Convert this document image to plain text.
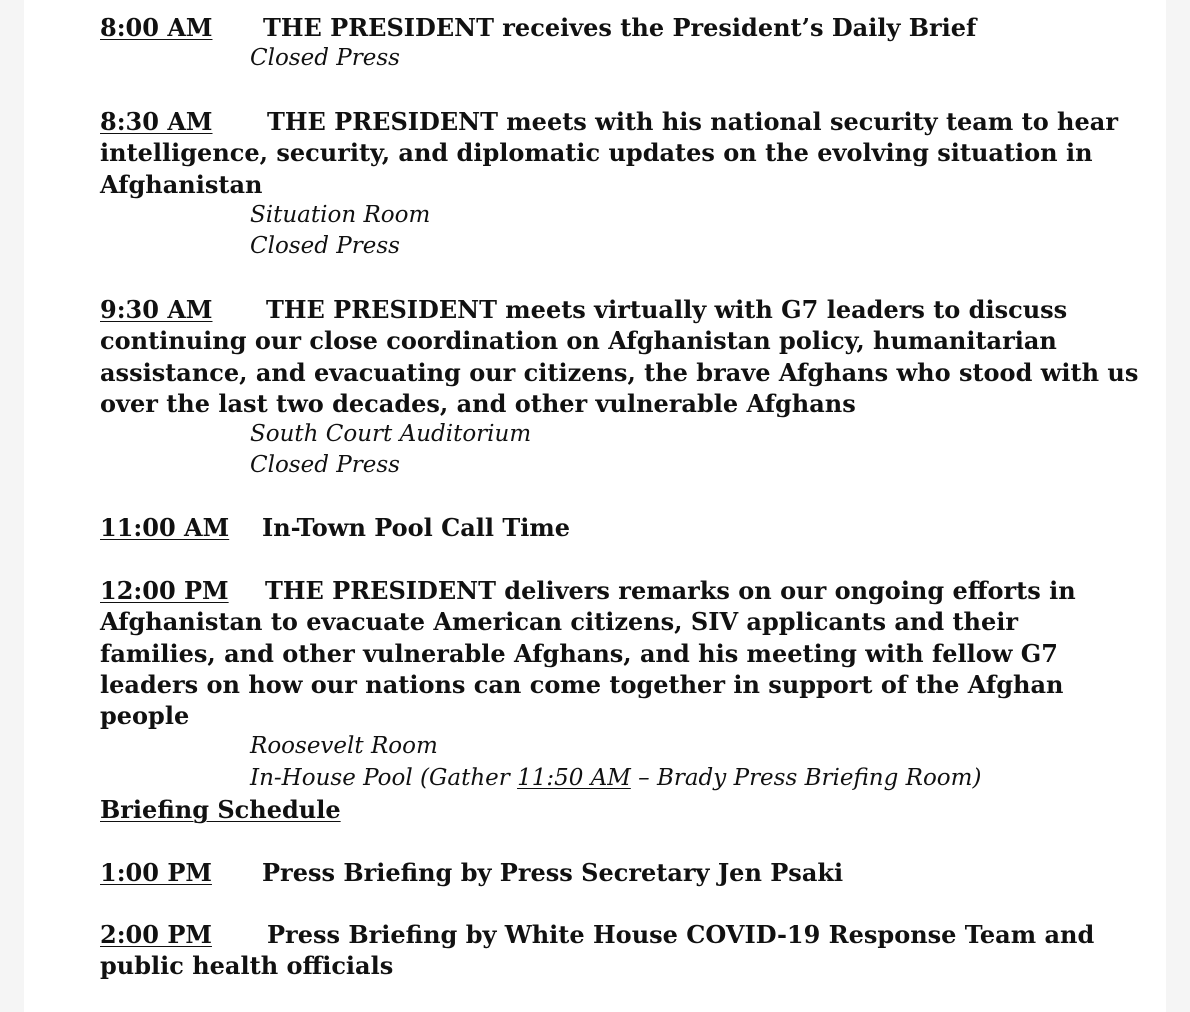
8:00 AM THE PRESIDENT receives the President’s Daily Brief

Closed Press

8:30 AM THE PRESIDENT meets with his national security team to hear intelligence, security, and diplomatic updates on the evolving situation in Afghanistan

Situation Room

Closed Press

9:30 AM THE PRESIDENT meets virtually with G7 leaders to discuss continuing our close coordination on Afghanistan policy, humanitarian assistance, and evacuating our citizens, the brave Afghans who stood with us over the last two decades, and other vulnerable Afghans

South Court Auditorium

Closed Press

11:00 AM In-Town Pool Call Time

12:00 PM THE PRESIDENT delivers remarks on our ongoing efforts in Afghanistan to evacuate American citizens, SIV applicants and their families, and other vulnerable Afghans, and his meeting with fellow G7 leaders on how our nations can come together in support of the Afghan people

Roosevelt Room

In-House Pool (Gather 11:50 AM – Brady Press Briefing Room)

Briefing Schedule

1:00 PM Press Briefing by Press Secretary Jen Psaki

2:00 PM Press Briefing by White House COVID-19 Response Team and public health officials
